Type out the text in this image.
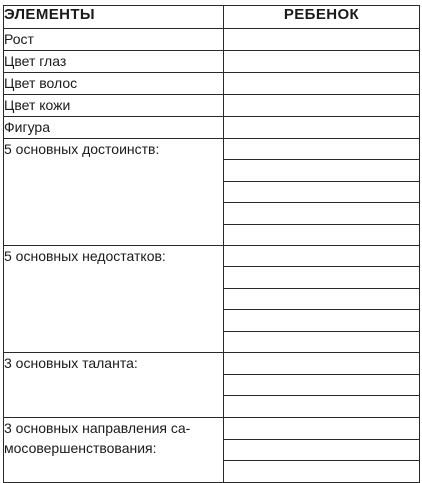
ЭЛЕМЕНТЫ	РЕБЕНОК
Рост	
Цвет глаз	
Цвет волос	
Цвет кожи	
Фигура	
5 основных достоинств:	

5 основных недостатков:	

3 основных таланта:	

3 основных направления са-мосовершенствования:	
